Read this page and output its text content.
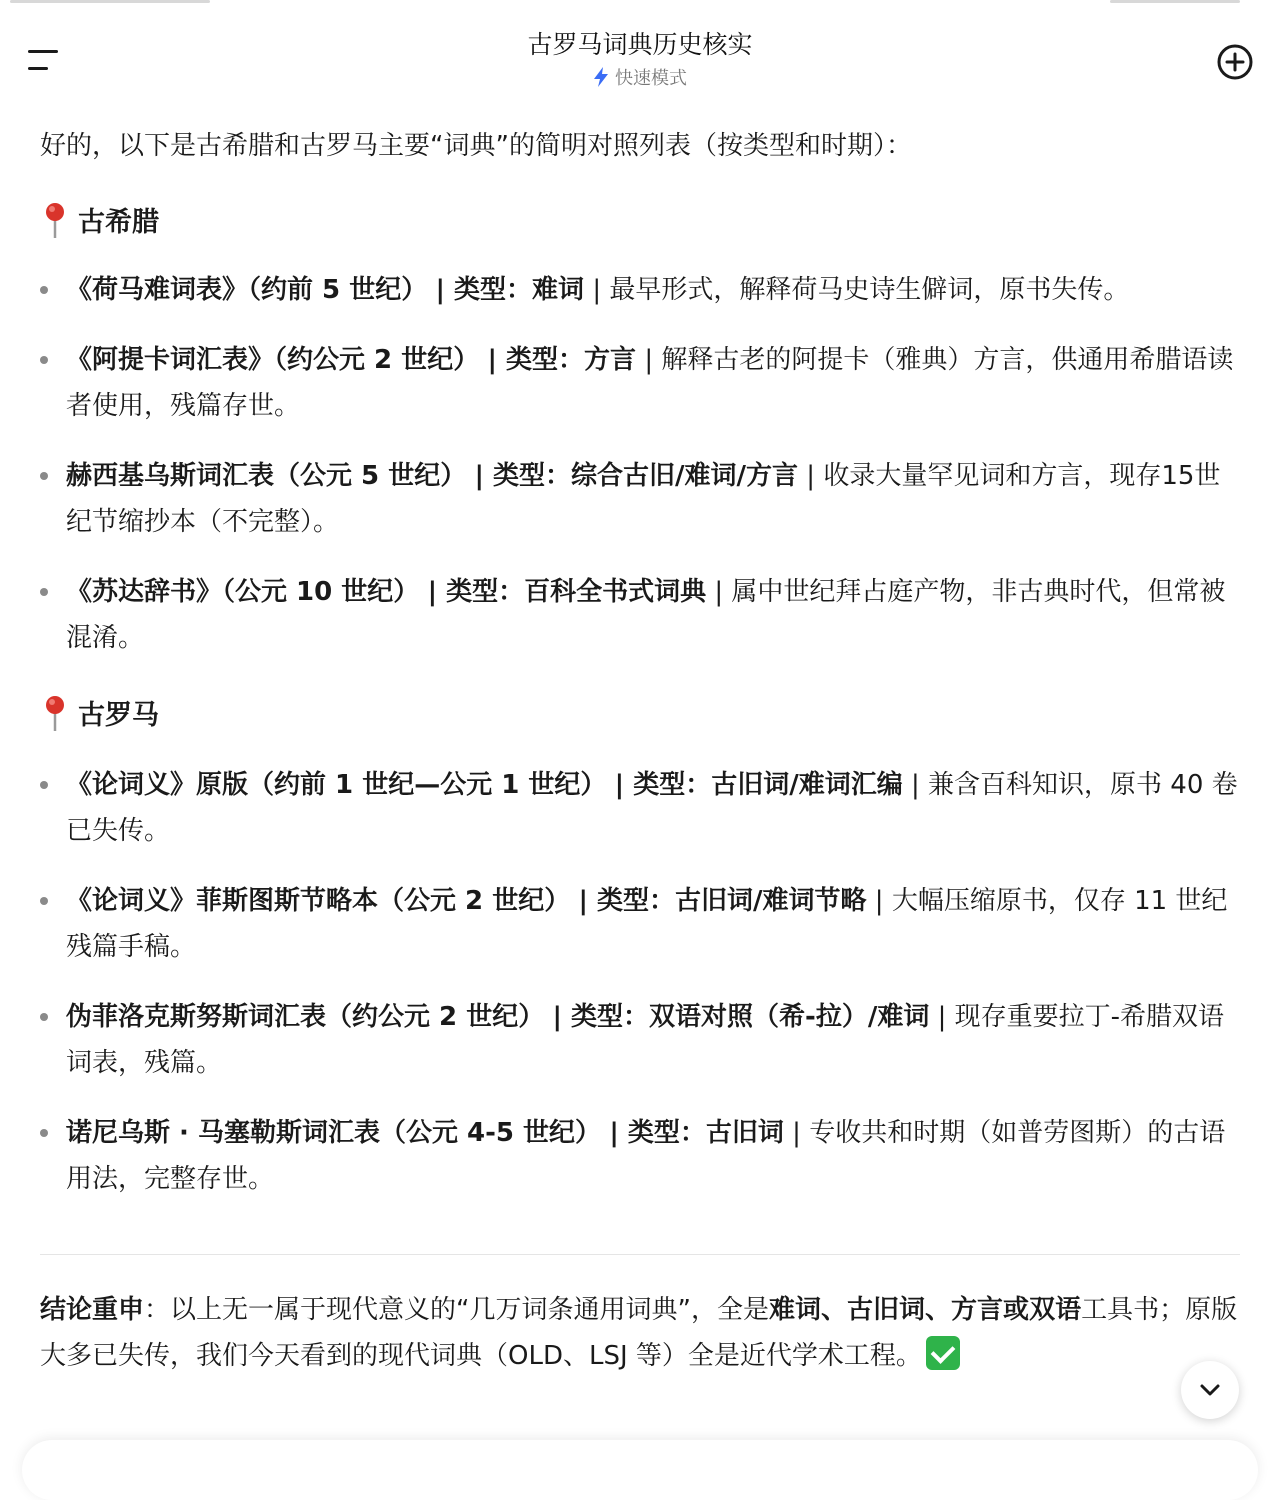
古罗马词典历史核实
快速模式

好的，以下是古希腊和古罗马主要“词典”的简明对照列表（按类型和时期）：

古希腊
《荷马难词表》（约前 5 世纪） | 类型：难词 | 最早形式，解释荷马史诗生僻词，原书失传。
《阿提卡词汇表》（约公元 2 世纪） | 类型：方言 | 解释古老的阿提卡（雅典）方言，供通用希腊语读者使用，残篇存世。
赫西基乌斯词汇表（公元 5 世纪） | 类型：综合古旧/难词/方言 | 收录大量罕见词和方言，现存15世纪节缩抄本（不完整）。
《苏达辞书》（公元 10 世纪） | 类型：百科全书式词典 | 属中世纪拜占庭产物，非古典时代，但常被混淆。
古罗马
《论词义》原版（约前 1 世纪—公元 1 世纪） | 类型：古旧词/难词汇编 | 兼含百科知识，原书 40 卷已失传。
《论词义》菲斯图斯节略本（公元 2 世纪） | 类型：古旧词/难词节略 | 大幅压缩原书，仅存 11 世纪残篇手稿。
伪菲洛克斯努斯词汇表（约公元 2 世纪） | 类型：双语对照（希-拉）/难词 | 现存重要拉丁-希腊双语词表，残篇。
诺尼乌斯 · 马塞勒斯词汇表（公元 4-5 世纪） | 类型：古旧词 | 专收共和时期（如普劳图斯）的古语用法，完整存世。
结论重申：以上无一属于现代意义的“几万词条通用词典”，全是难词、古旧词、方言或双语工具书；原版大多已失传，我们今天看到的现代词典（OLD、LSJ 等）全是近代学术工程。
